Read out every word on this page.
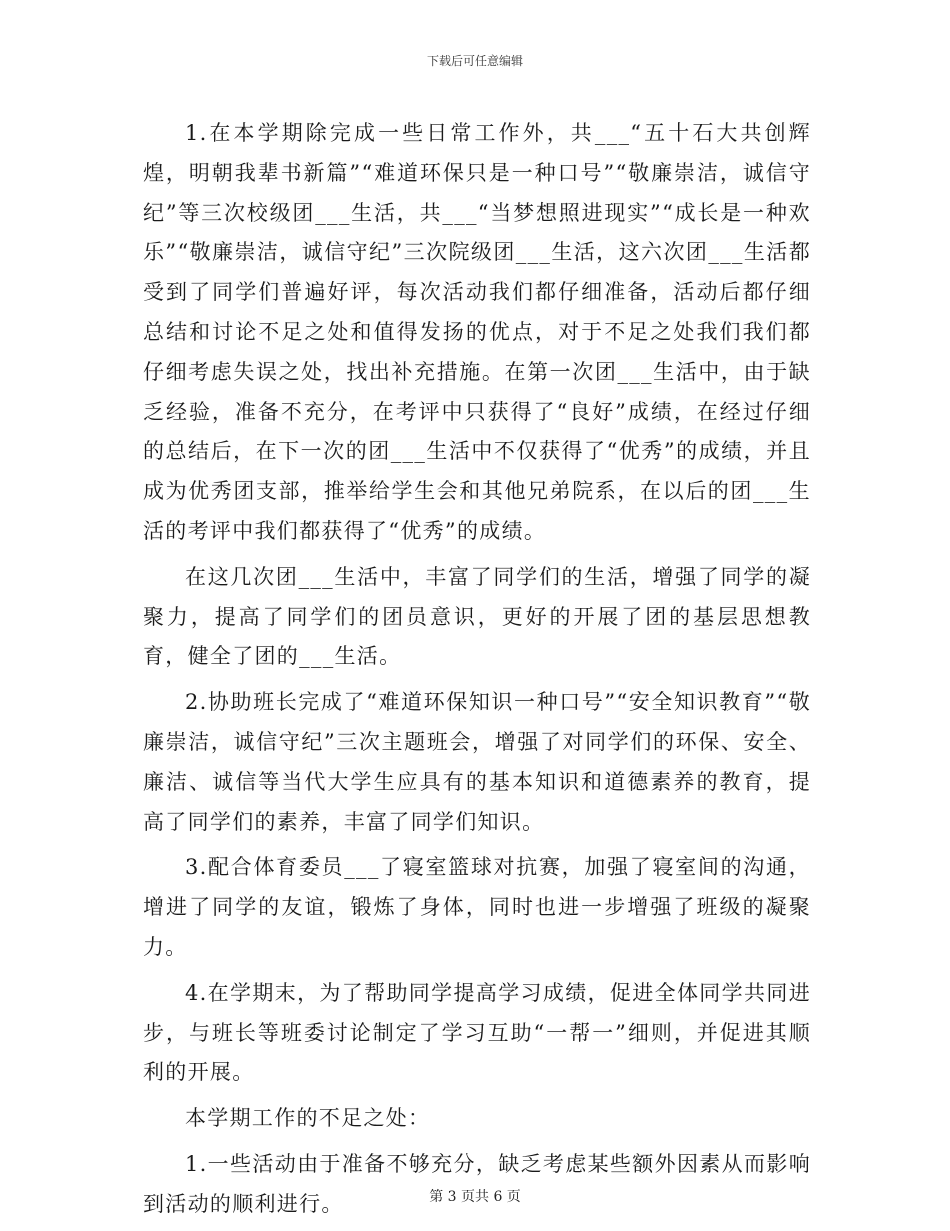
下载后可任意编辑

1.在本学期除完成一些日常工作外，共___“五十石大共创辉煌，明朝我辈书新篇”“难道环保只是一种口号”“敬廉崇洁，诚信守纪”等三次校级团___生活，共___“当梦想照进现实”“成长是一种欢乐”“敬廉崇洁，诚信守纪”三次院级团___生活，这六次团___生活都受到了同学们普遍好评，每次活动我们都仔细准备，活动后都仔细总结和讨论不足之处和值得发扬的优点，对于不足之处我们我们都仔细考虑失误之处，找出补充措施。在第一次团___生活中，由于缺乏经验，准备不充分，在考评中只获得了“良好”成绩，在经过仔细的总结后，在下一次的团___生活中不仅获得了“优秀”的成绩，并且成为优秀团支部，推举给学生会和其他兄弟院系，在以后的团___生活的考评中我们都获得了“优秀”的成绩。

在这几次团___生活中，丰富了同学们的生活，增强了同学的凝聚力，提高了同学们的团员意识，更好的开展了团的基层思想教育，健全了团的___生活。

2.协助班长完成了“难道环保知识一种口号”“安全知识教育”“敬廉崇洁，诚信守纪”三次主题班会，增强了对同学们的环保、安全、廉洁、诚信等当代大学生应具有的基本知识和道德素养的教育，提高了同学们的素养，丰富了同学们知识。

3.配合体育委员___了寝室篮球对抗赛，加强了寝室间的沟通，增进了同学的友谊，锻炼了身体，同时也进一步增强了班级的凝聚力。

4.在学期末，为了帮助同学提高学习成绩，促进全体同学共同进步，与班长等班委讨论制定了学习互助“一帮一”细则，并促进其顺利的开展。

本学期工作的不足之处：

1.一些活动由于准备不够充分，缺乏考虑某些额外因素从而影响到活动的顺利进行。	第 3 页共 6 页
